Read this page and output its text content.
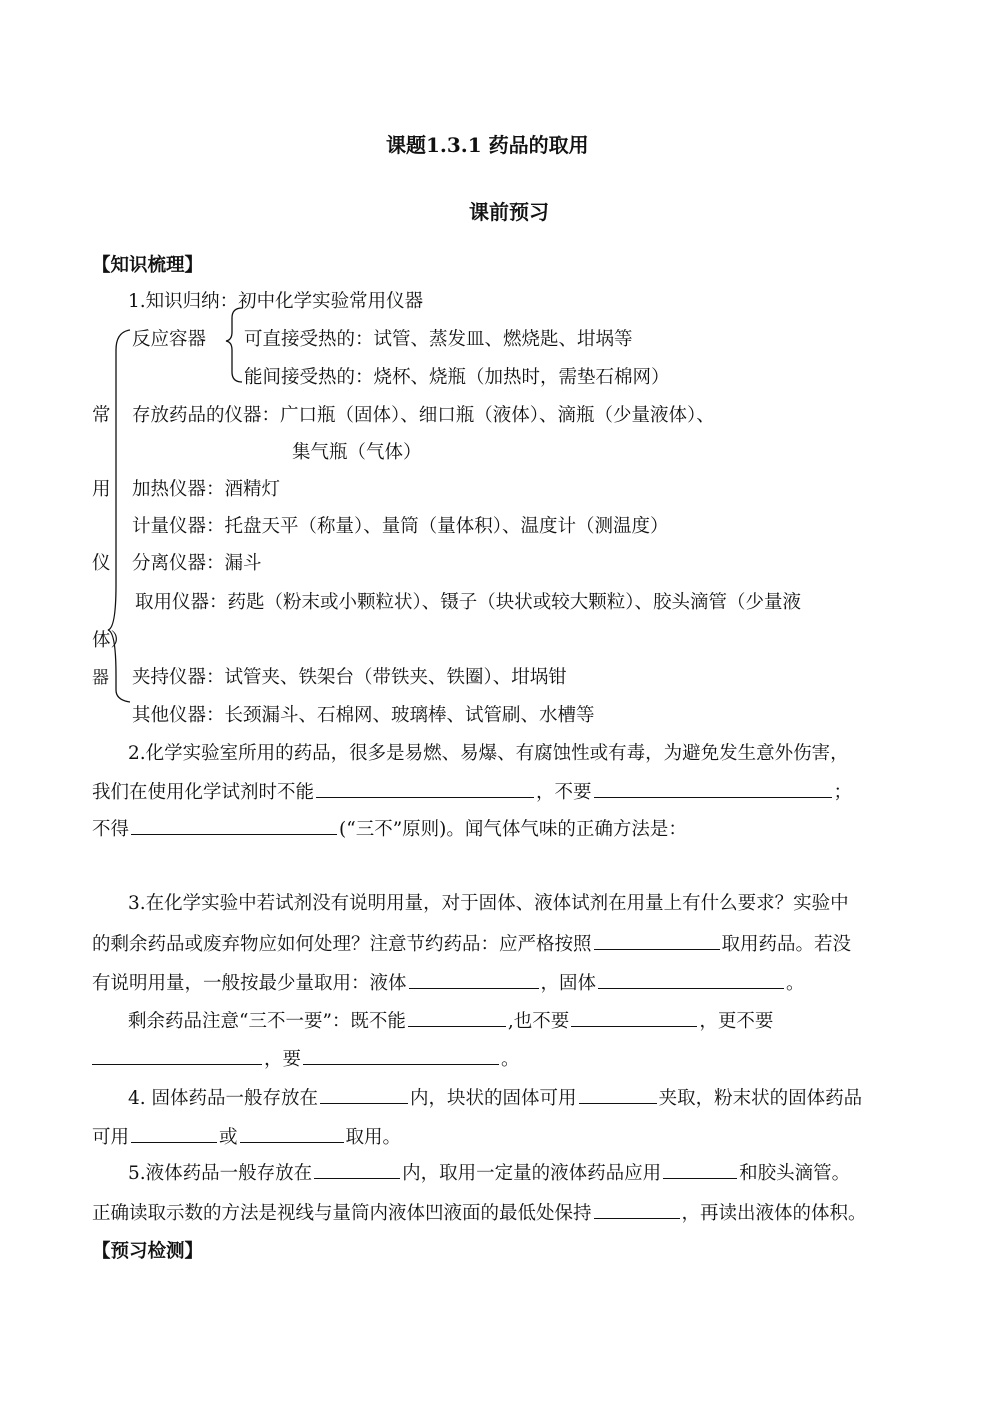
课题1.3.1 药品的取用
课前预习
【知识梳理】
1.知识归纳：初中化学实验常用仪器
反应容器 可直接受热的：试管、蒸发皿、燃烧匙、坩埚等
能间接受热的：烧杯、烧瓶（加热时，需垫石棉网）
常
用
仪
器
存放药品的仪器：广口瓶（固体）、细口瓶（液体）、滴瓶（少量液体）、
集气瓶（气体）
加热仪器：酒精灯
计量仪器：托盘天平（称量）、量筒（量体积）、温度计（测温度）
分离仪器：漏斗
取用仪器：药匙（粉末或小颗粒状）、镊子（块状或较大颗粒）、胶头滴管（少量液
体）
夹持仪器：试管夹、铁架台（带铁夹、铁圈）、坩埚钳
其他仪器：长颈漏斗、石棉网、玻璃棒、试管刷、水槽等
2.化学实验室所用的药品，很多是易燃、易爆、有腐蚀性或有毒，为避免发生意外伤害，
我们在使用化学试剂时不能	，不要	；
不得	(“三不”原则)。闻气体气味的正确方法是：
3.在化学实验中若试剂没有说明用量，对于固体、液体试剂在用量上有什么要求？实验中
的剩余药品或废弃物应如何处理？注意节约药品：应严格按照	取用药品。若没
有说明用量，一般按最少量取用：液体	，固体	。
剩余药品注意“三不一要”：既不能	,也不要	，更不要
，要	。
4. 固体药品一般存放在	内，块状的固体可用	夹取，粉末状的固体药品
可用	或	取用。
5.液体药品一般存放在	内，取用一定量的液体药品应用	和胶头滴管。
正确读取示数的方法是视线与量筒内液体凹液面的最低处保持	，再读出液体的体积。
【预习检测】
